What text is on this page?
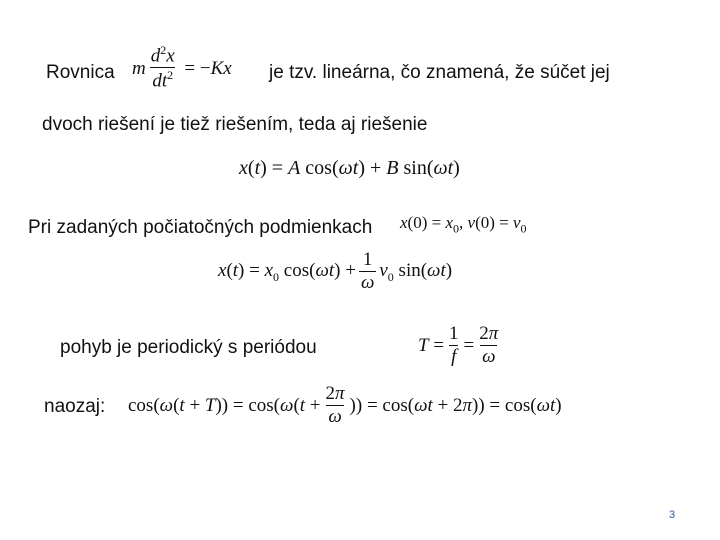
Rovnica m $\frac{d^2x}{dt^2} = -Kx$ je tzv. lineárna, čo znamená, že súčet jej
dvoch riešení je tiež riešením, teda aj riešenie
x(t) = A cos(ωt) + B sin(ωt)
Pri zadaných počiatočných podmienkach $x(0) = x_0$, $v(0) = v_0$
$x(t) = x_0$ $\cos(\omega t) + \frac{1}{\omega} v_0$ sin(ωt)
pohyb je periodický s periódou	$T = \frac{1}{f} = \frac{2\pi}{\omega}$
naozaj: $\cos(\omega(t + T)) = \cos(\omega(t + \frac{2\pi}{\omega}$ )) = cos(ωt + 2π)) = cos(ωt)
3
